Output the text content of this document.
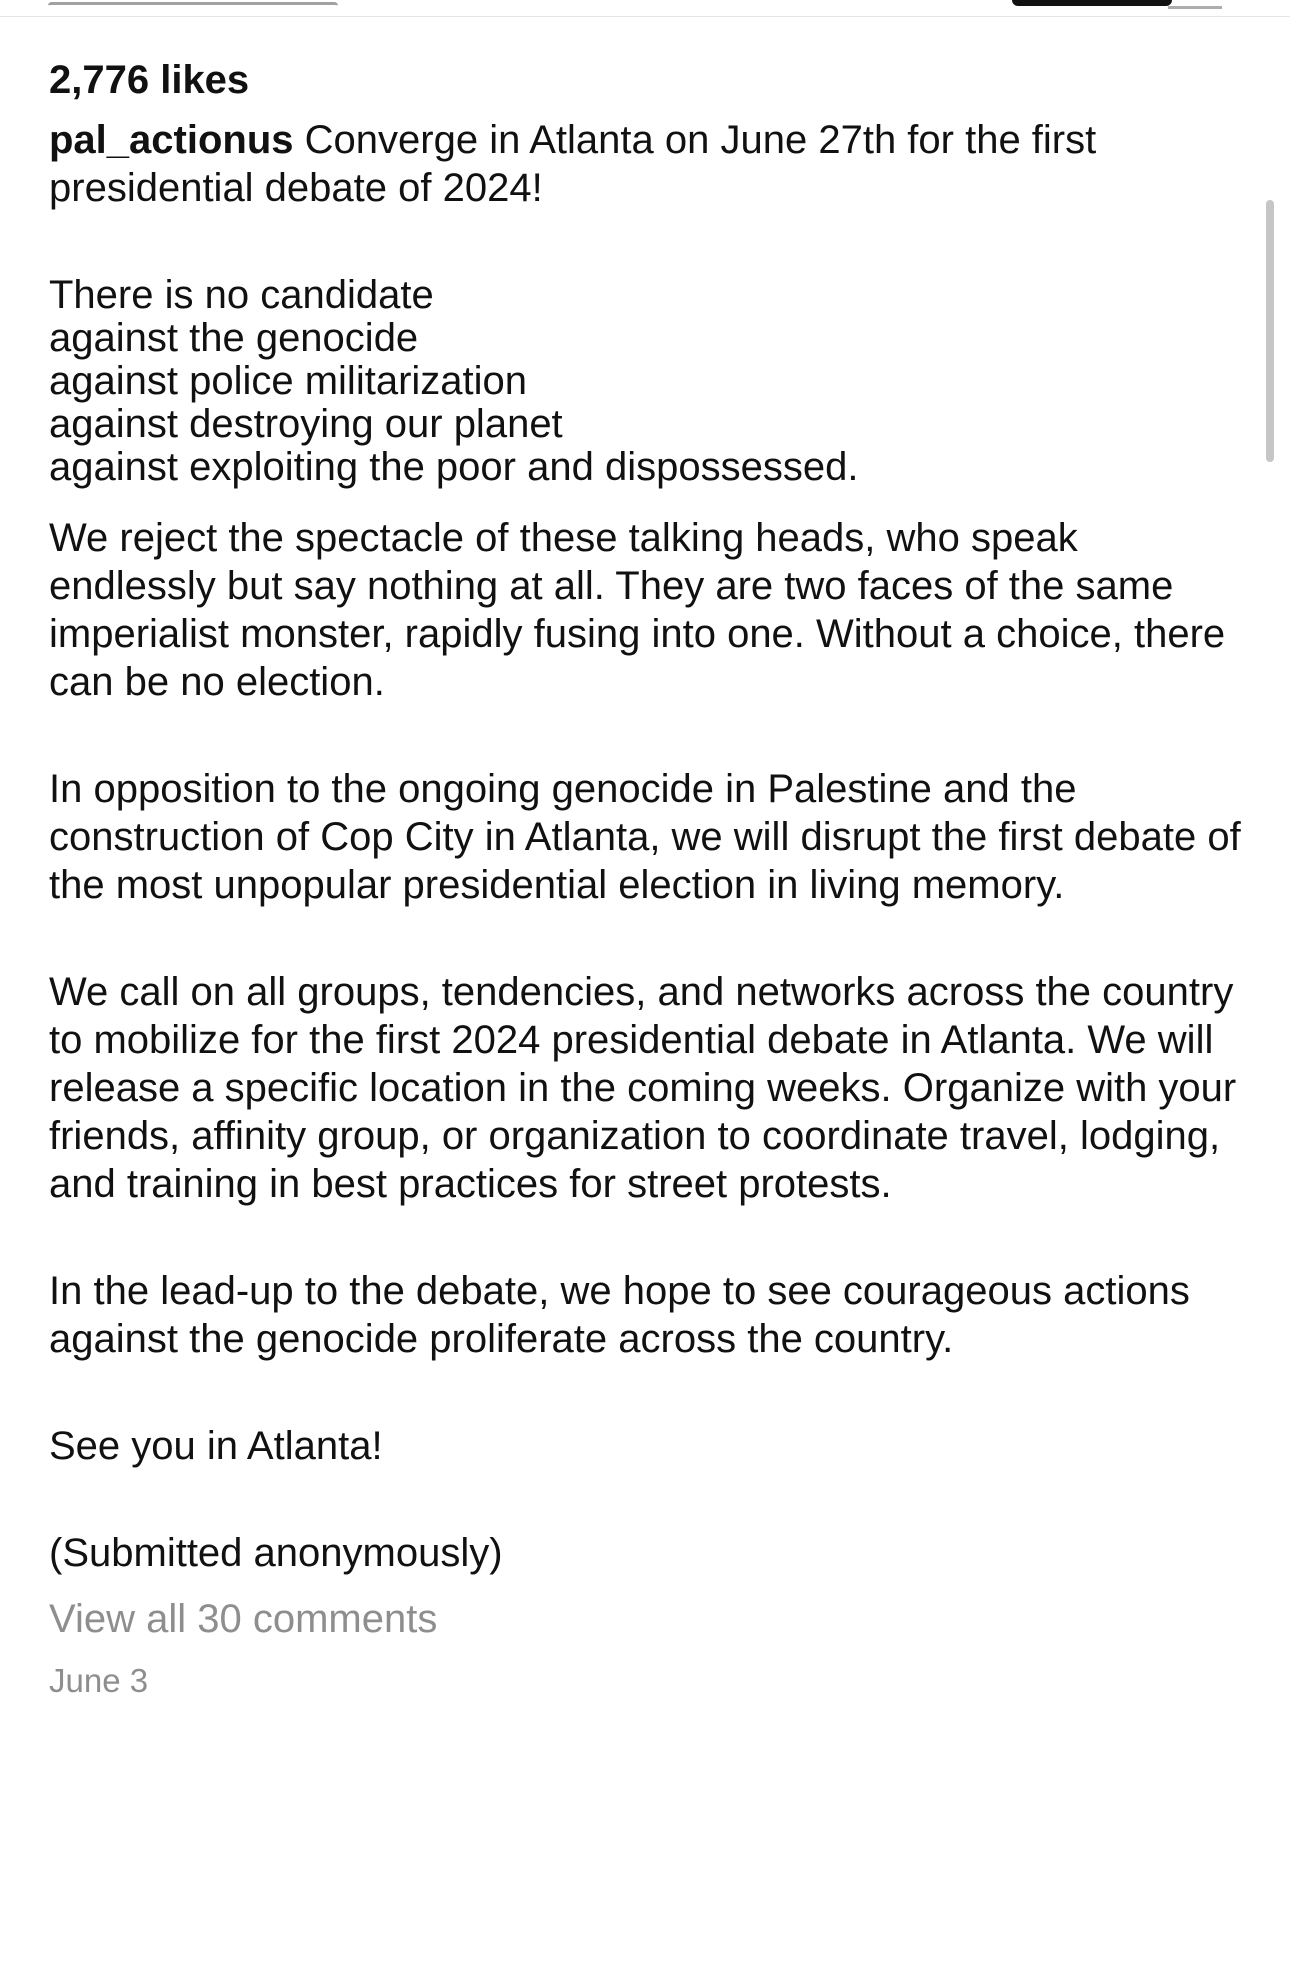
2,776 likes

pal_actionus Converge in Atlanta on June 27th for the first presidential debate of 2024!

There is no candidate
against the genocide
against police militarization
against destroying our planet
against exploiting the poor and dispossessed.

We reject the spectacle of these talking heads, who speak endlessly but say nothing at all. They are two faces of the same imperialist monster, rapidly fusing into one. Without a choice, there can be no election.

In opposition to the ongoing genocide in Palestine and the construction of Cop City in Atlanta, we will disrupt the first debate of the most unpopular presidential election in living memory.

We call on all groups, tendencies, and networks across the country to mobilize for the first 2024 presidential debate in Atlanta. We will release a specific location in the coming weeks. Organize with your friends, affinity group, or organization to coordinate travel, lodging, and training in best practices for street protests.

In the lead-up to the debate, we hope to see courageous actions against the genocide proliferate across the country.

See you in Atlanta!

(Submitted anonymously)

View all 30 comments
June 3
